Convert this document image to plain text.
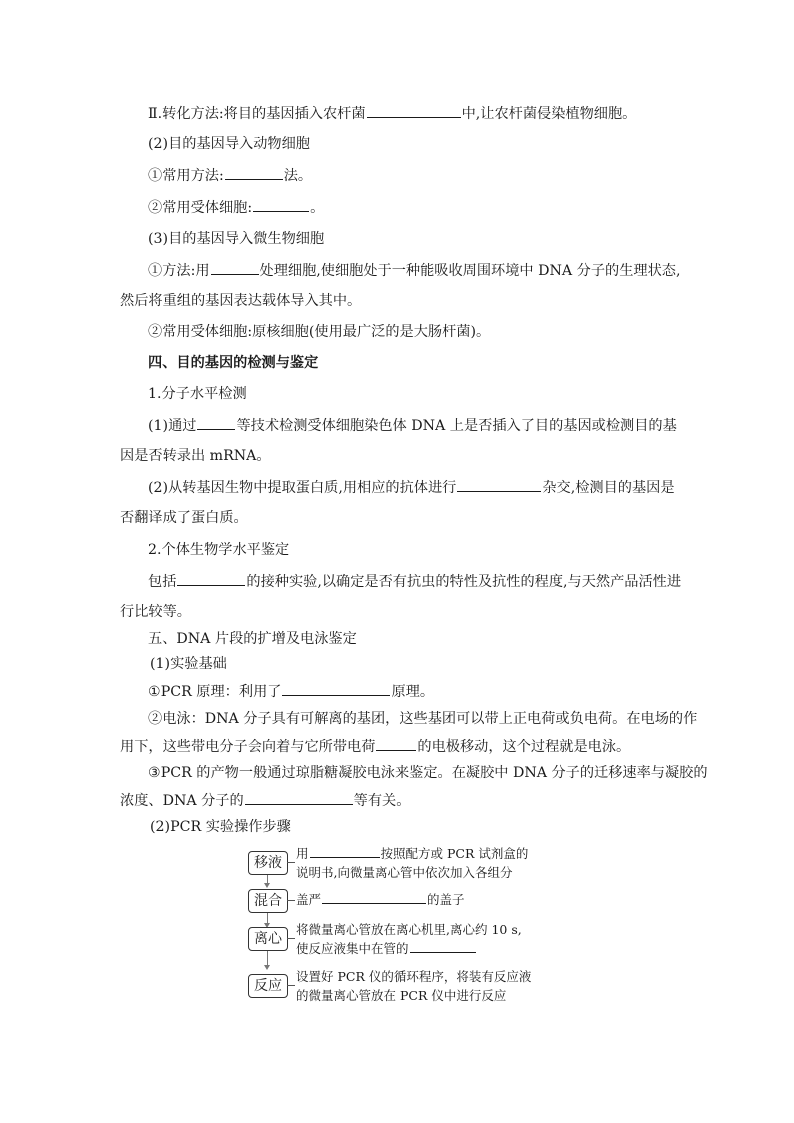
Ⅱ.转化方法:将目的基因插入农杆菌	中,让农杆菌侵染植物细胞。
(2)目的基因导入动物细胞
①常用方法:	法。
②常用受体细胞:	。
(3)目的基因导入微生物细胞
①方法:用	处理细胞,使细胞处于一种能吸收周围环境中 DNA 分子的生理状态,
然后将重组的基因表达载体导入其中。
②常用受体细胞:原核细胞(使用最广泛的是大肠杆菌)。
四、目的基因的检测与鉴定
1.分子水平检测
(1)通过	等技术检测受体细胞染色体 DNA 上是否插入了目的基因或检测目的基
因是否转录出 mRNA。
(2)从转基因生物中提取蛋白质,用相应的抗体进行	杂交,检测目的基因是
否翻译成了蛋白质。
2.个体生物学水平鉴定
包括	的接种实验,以确定是否有抗虫的特性及抗性的程度,与天然产品活性进
行比较等。
五、DNA 片段的扩增及电泳鉴定
(1)实验基础
①PCR 原理：利用了	原理。
②电泳：DNA 分子具有可解离的基团，这些基团可以带上正电荷或负电荷。在电场的作
用下，这些带电分子会向着与它所带电荷	的电极移动，这个过程就是电泳。
③PCR 的产物一般通过琼脂糖凝胶电泳来鉴定。在凝胶中 DNA 分子的迁移速率与凝胶的
浓度、DNA 分子的	等有关。
(2)PCR 实验操作步骤
移液
用	按照配方或 PCR 试剂盒的
说明书,向微量离心管中依次加入各组分
混合	盖严	的盖子
离心
将微量离心管放在离心机里,离心约 10 s,
使反应液集中在管的
反应
设置好 PCR 仪的循环程序，将装有反应液
的微量离心管放在 PCR 仪中进行反应
